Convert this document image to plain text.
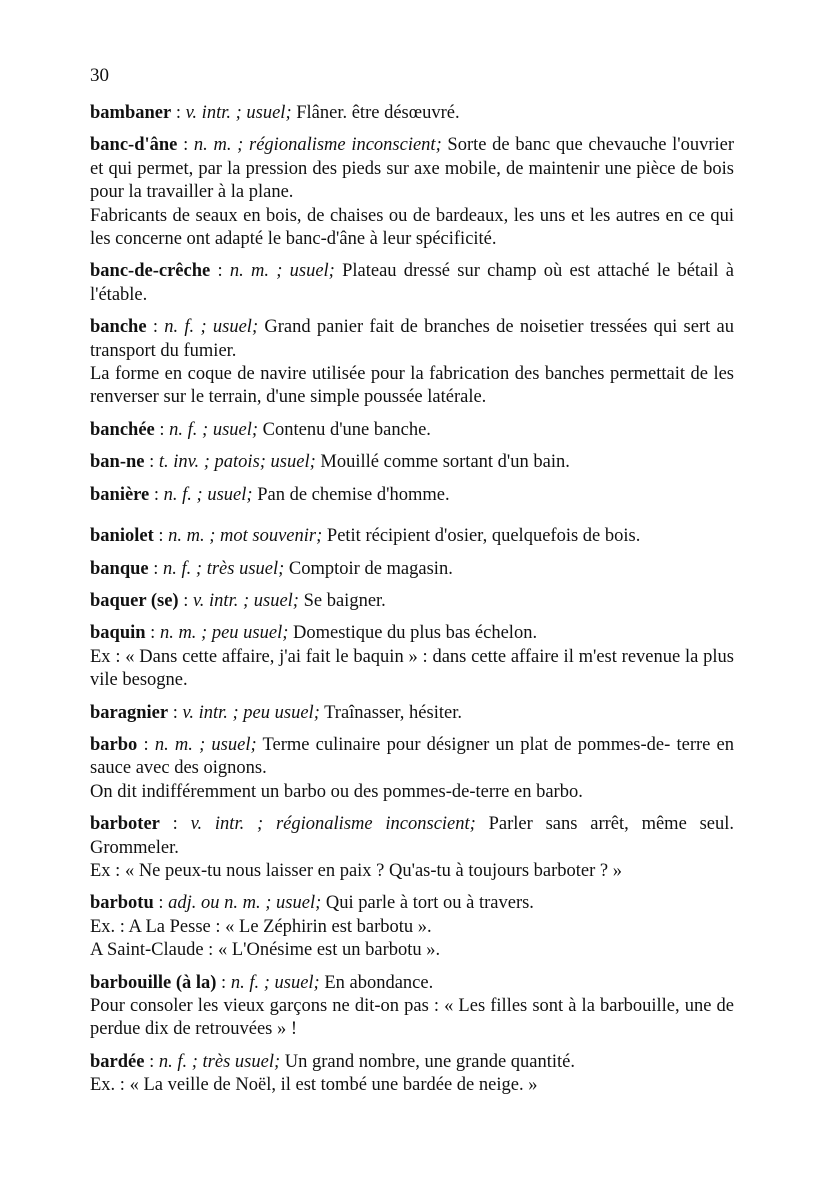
30

bambaner : v. intr. ; usuel; Flâner. être désœuvré.

banc-d'âne : n. m. ; régionalisme inconscient; Sorte de banc que chevauche l'ouvrier et qui permet, par la pression des pieds sur axe mobile, de maintenir une pièce de bois pour la travailler à la plane.

Fabricants de seaux en bois, de chaises ou de bardeaux, les uns et les autres en ce qui les concerne ont adapté le banc-d'âne à leur spécificité.

banc-de-crêche : n. m. ; usuel; Plateau dressé sur champ où est attaché le bétail à l'étable.

banche : n. f. ; usuel; Grand panier fait de branches de noisetier tressées qui sert au transport du fumier.

La forme en coque de navire utilisée pour la fabrication des banches permettait de les renverser sur le terrain, d'une simple poussée latérale.

banchée : n. f. ; usuel; Contenu d'une banche.

ban-ne : t. inv. ; patois; usuel; Mouillé comme sortant d'un bain.

banière : n. f. ; usuel; Pan de chemise d'homme.

baniolet : n. m. ; mot souvenir; Petit récipient d'osier, quelquefois de bois.

banque : n. f. ; très usuel; Comptoir de magasin.

baquer (se) : v. intr. ; usuel; Se baigner.

baquin : n. m. ; peu usuel; Domestique du plus bas échelon.

Ex : « Dans cette affaire, j'ai fait le baquin » : dans cette affaire il m'est revenue la plus vile besogne.

baragnier : v. intr. ; peu usuel; Traînasser, hésiter.

barbo : n. m. ; usuel; Terme culinaire pour désigner un plat de pommes-de- terre en sauce avec des oignons.

On dit indifféremment un barbo ou des pommes-de-terre en barbo.

barboter : v. intr. ; régionalisme inconscient; Parler sans arrêt, même seul. Grommeler.

Ex : « Ne peux-tu nous laisser en paix ? Qu'as-tu à toujours barboter ? »

barbotu : adj. ou n. m. ; usuel; Qui parle à tort ou à travers.

Ex. : A La Pesse : « Le Zéphirin est barbotu ».

A Saint-Claude : « L'Onésime est un barbotu ».

barbouille (à la) : n. f. ; usuel; En abondance.

Pour consoler les vieux garçons ne dit-on pas : « Les filles sont à la barbouille, une de perdue dix de retrouvées » !

bardée : n. f. ; très usuel; Un grand nombre, une grande quantité.

Ex. : « La veille de Noël, il est tombé une bardée de neige. »
